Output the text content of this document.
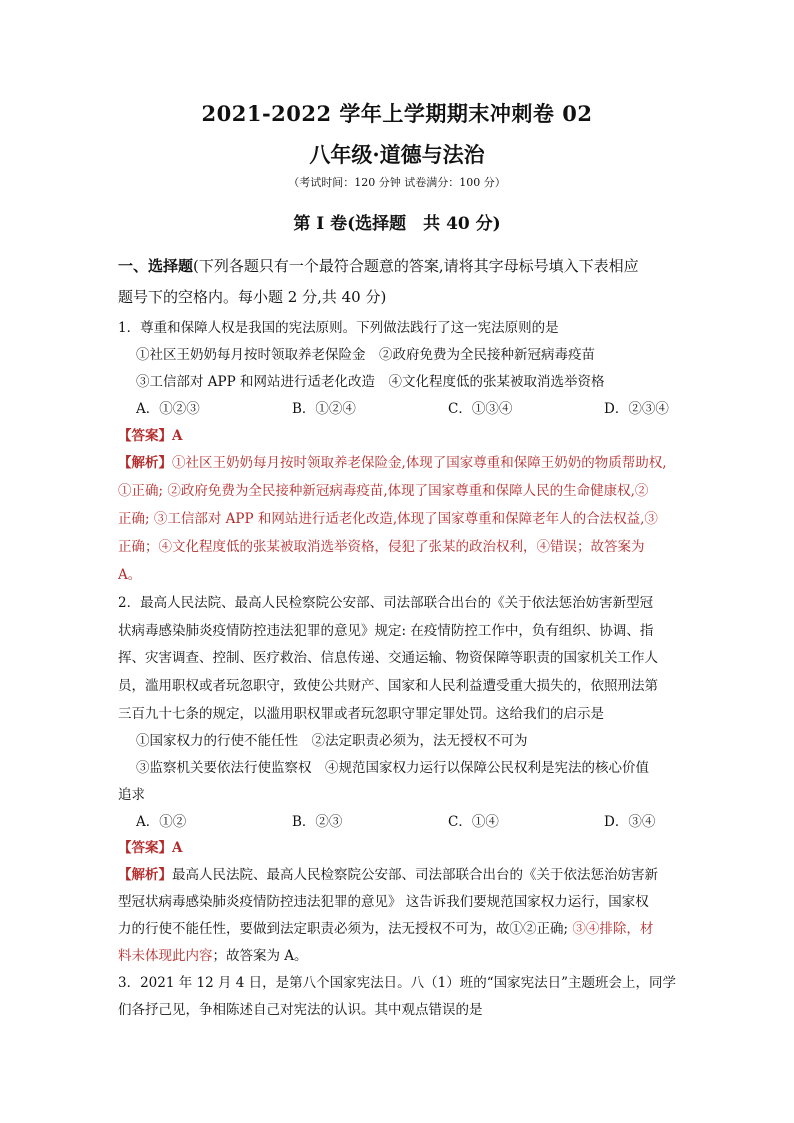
2021-2022 学年上学期期末冲刺卷 02
八年级·道德与法治
（考试时间：120 分钟 试卷满分：100 分）
第 I 卷(选择题　共 40 分)
一、选择题(下列各题只有一个最符合题意的答案,请将其字母标号填入下表相应
题号下的空格内。每小题 2 分,共 40 分)
1．尊重和保障人权是我国的宪法原则。下列做法践行了这一宪法原则的是
①社区王奶奶每月按时领取养老保险金　②政府免费为全民接种新冠病毒疫苗
③工信部对 APP 和网站进行适老化改造　④文化程度低的张某被取消选举资格
A．①②③	B．①②④	C．①③④	D．②③④
【答案】A
【解析】①社区王奶奶每月按时领取养老保险金,体现了国家尊重和保障王奶奶的物质帮助权,
①正确; ②政府免费为全民接种新冠病毒疫苗,体现了国家尊重和保障人民的生命健康权,②
正确; ③工信部对 APP 和网站进行适老化改造,体现了国家尊重和保障老年人的合法权益,③
正确；④文化程度低的张某被取消选举资格，侵犯了张某的政治权利，④错误；故答案为
A。
2．最高人民法院、最高人民检察院公安部、司法部联合出台的《关于依法惩治妨害新型冠
状病毒感染肺炎疫情防控违法犯罪的意见》规定: 在疫情防控工作中，负有组织、协调、指
挥、灾害调查、控制、医疗救治、信息传递、交通运输、物资保障等职责的国家机关工作人
员，滥用职权或者玩忽职守，致使公共财产、国家和人民利益遭受重大损失的，依照刑法第
三百九十七条的规定，以滥用职权罪或者玩忽职守罪定罪处罚。这给我们的启示是
①国家权力的行使不能任性　②法定职责必须为，法无授权不可为
③监察机关要依法行使监察权　④规范国家权力运行以保障公民权利是宪法的核心价值
追求
A．①②	B．②③	C．①④	D．③④
【答案】A
【解析】最高人民法院、最高人民检察院公安部、司法部联合出台的《关于依法惩治妨害新
型冠状病毒感染肺炎疫情防控违法犯罪的意见》 这告诉我们要规范国家权力运行，国家权
力的行使不能任性，要做到法定职责必须为，法无授权不可为，故①②正确; ③④排除，材
料未体现此内容；故答案为 A。
3．2021 年 12 月 4 日，是第八个国家宪法日。八（1）班的“国家宪法日”主题班会上，同学
们各抒己见，争相陈述自己对宪法的认识。其中观点错误的是
